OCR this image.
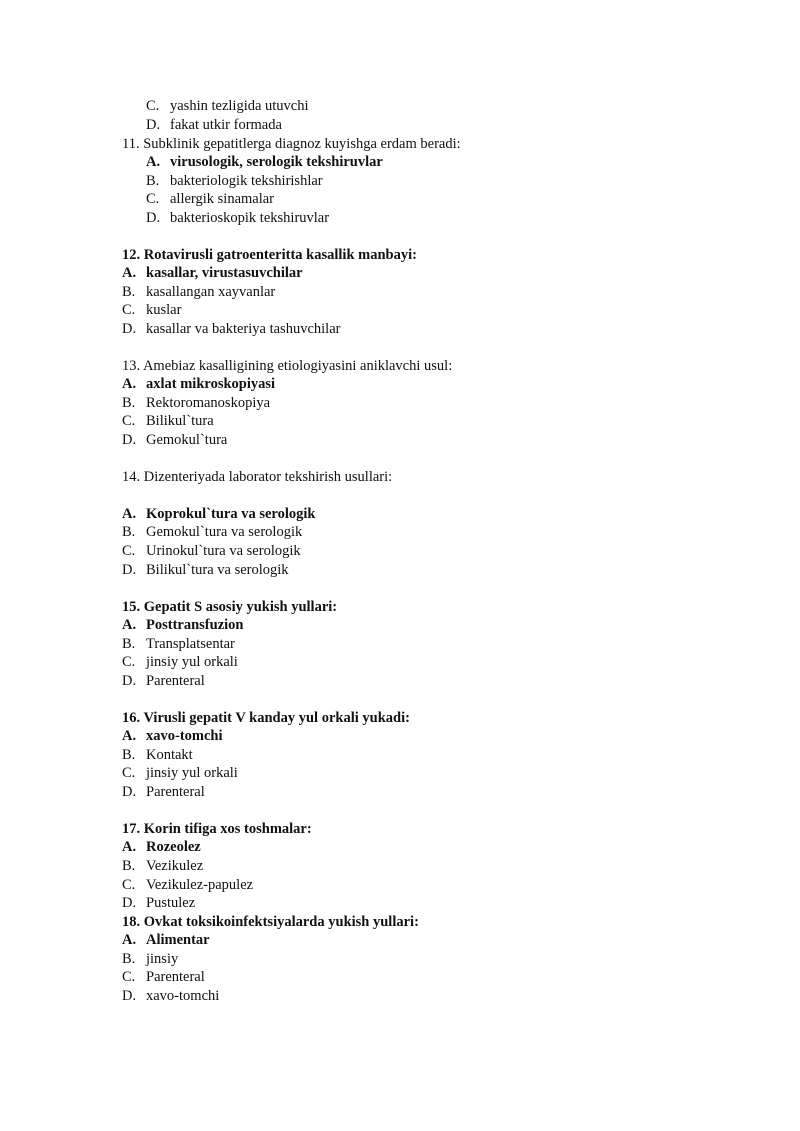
C. yashin tezligida utuvchi
D. fakat utkir formada
11. Subklinik gepatitlerga diagnoz kuyishga erdam beradi:
A. virusologik, serologik tekshiruvlar
B. bakteriologik tekshirishlar
C. allergik sinamalar
D. bakterioskopik tekshiruvlar
12. Rotavirusli gatroenteritta kasallik manbayi:
A. kasallar, virustasuvchilar
B. kasallangan xayvanlar
C. kuslar
D. kasallar va bakteriya tashuvchilar
13. Amebiaz kasalligining etiologiyasini aniklavchi usul:
A. axlat mikroskopiyasi
B. Rektoromanoskopiya
C. Bilikul`tura
D. Gemokul`tura
14. Dizenteriyada laborator tekshirish usullari:
A. Koprokul`tura va serologik
B. Gemokul`tura va serologik
C. Urinokul`tura va serologik
D. Bilikul`tura va serologik
15. Gepatit S asosiy yukish yullari:
A. Posttransfuzion
B. Transplatsentar
C. jinsiy yul orkali
D. Parenteral
16. Virusli gepatit V kanday yul orkali yukadi:
A. xavo-tomchi
B. Kontakt
C. jinsiy yul orkali
D. Parenteral
17. Korin tifiga xos toshmalar:
A. Rozeolez
B. Vezikulez
C. Vezikulez-papulez
D. Pustulez
18. Ovkat toksikoinfektsiyalarda yukish yullari:
A. Alimentar
B. jinsiy
C. Parenteral
D. xavo-tomchi
